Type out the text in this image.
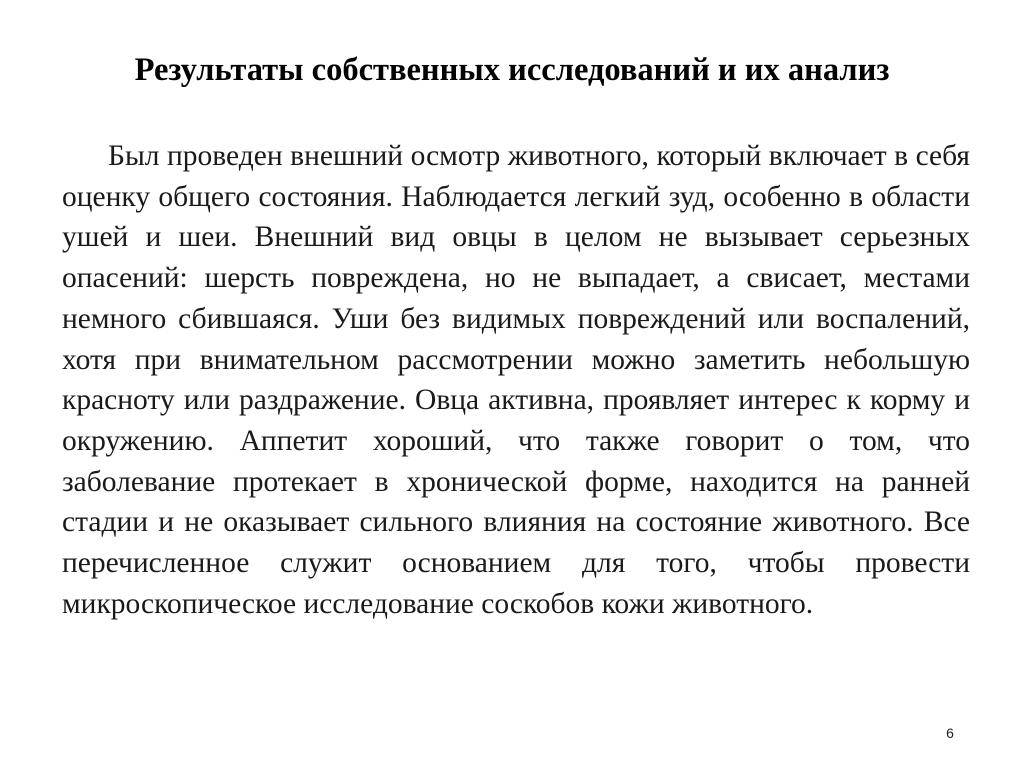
Результаты собственных исследований и их анализ

Был проведен внешний осмотр животного, который включает в себя оценку общего состояния. Наблюдается легкий зуд, особенно в области ушей и шеи. Внешний вид овцы в целом не вызывает серьезных опасений: шерсть повреждена, но не выпадает, а свисает, местами немного сбившаяся. Уши без видимых повреждений или воспалений, хотя при внимательном рассмотрении можно заметить небольшую красноту или раздражение. Овца активна, проявляет интерес к корму и окружению. Аппетит хороший, что также говорит о том, что заболевание протекает в хронической форме, находится на ранней стадии и не оказывает сильного влияния на состояние животного. Все перечисленное служит основанием для того, чтобы провести микроскопическое исследование соскобов кожи животного.

6
